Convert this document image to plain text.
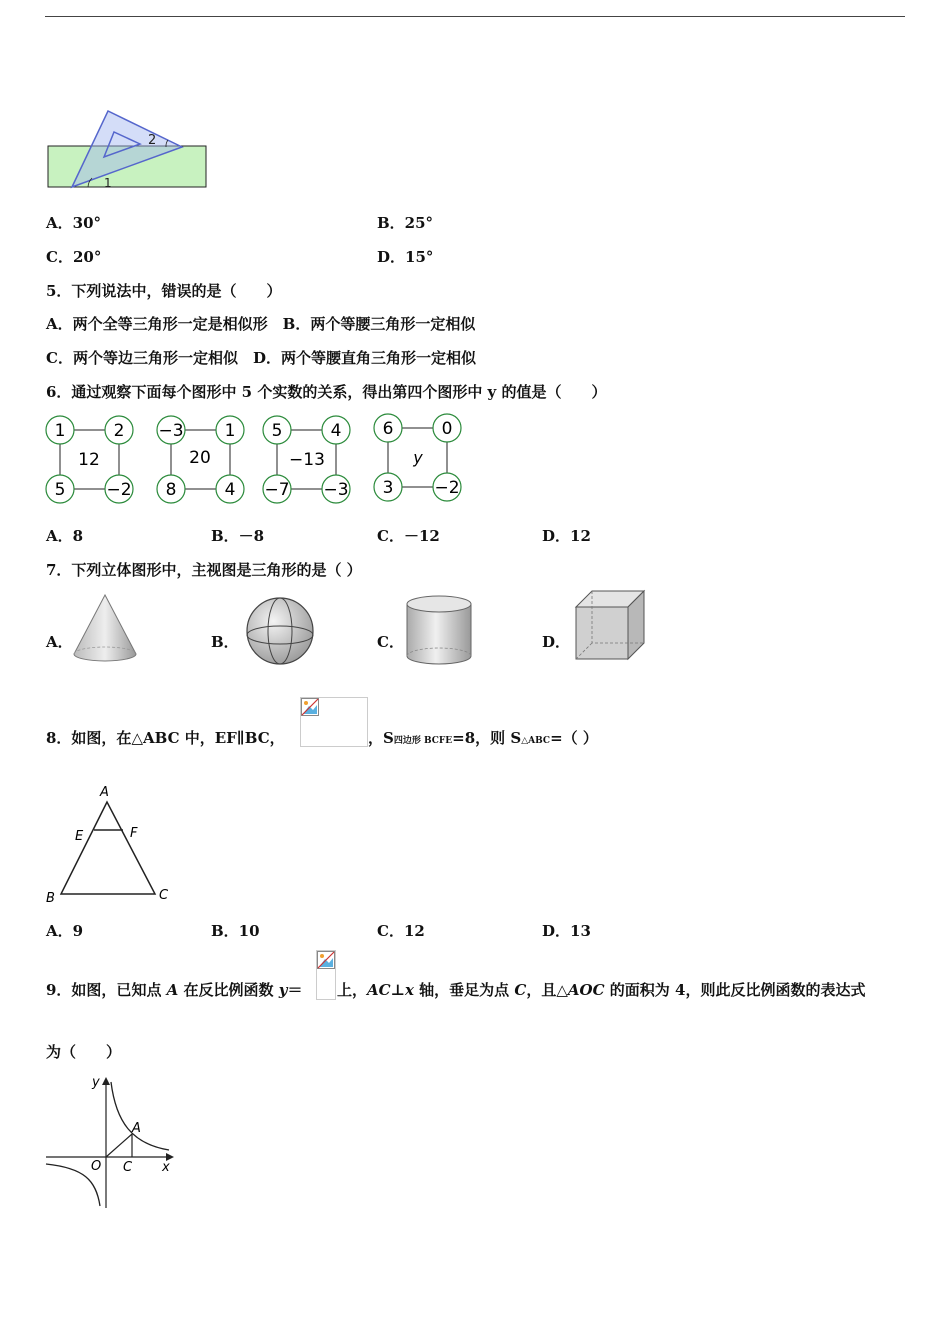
2
1
A．30°	B．25°
C．20°	D．15°
5．下列说法中，错误的是（　　）
A．两个全等三角形一定是相似形　B．两个等腰三角形一定相似
C．两个等边三角形一定相似　D．两个等腰直角三角形一定相似
6．通过观察下面每个图形中 5 个实数的关系，得出第四个图形中 y 的值是（　　）
1	2
5 −2
12
−3 1
8	4
20
5	4
−7 −3
−13
6	0
3 −2
y
A．8	B．－8	C．－12	D．12
7．下列立体图形中，主视图是三角形的是（ ）
A．	B．	C．	D．
8．如图，在△ABC 中，EF∥BC，	，S四边形 BCFE=8，则 S△ABC=（ ）
A
E	F
B	C
A．9	B．10	C．12	D．13
9．如图，已知点 A 在反比例函数 y＝ 上，AC⊥x 轴，垂足为点 C，且△AOC 的面积为 4，则此反比例函数的表达式
为（　　）
y
x
O C
A
